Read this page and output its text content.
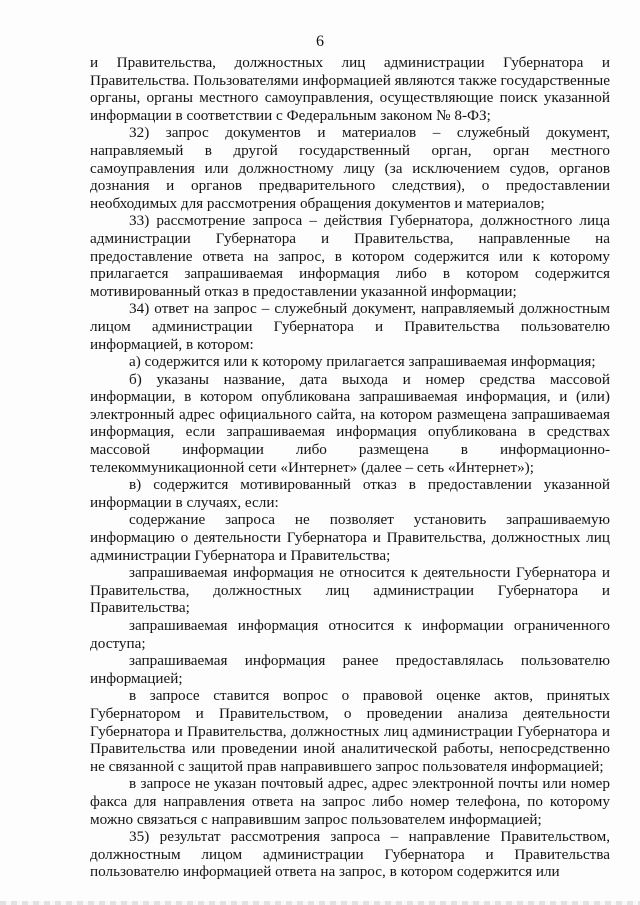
6

и Правительства, должностных лиц администрации Губернатора и Правительства. Пользователями информацией являются также государственные органы, органы местного самоуправления, осуществляющие поиск указанной информации в соответствии с Федеральным законом № 8-ФЗ;

32) запрос документов и материалов – служебный документ, направляемый в другой государственный орган, орган местного самоуправления или должностному лицу (за исключением судов, органов дознания и органов предварительного следствия), о предоставлении необходимых для рассмотрения обращения документов и материалов;

33) рассмотрение запроса – действия Губернатора, должностного лица администрации Губернатора и Правительства, направленные на предоставление ответа на запрос, в котором содержится или к которому прилагается запрашиваемая информация либо в котором содержится мотивированный отказ в предоставлении указанной информации;

34) ответ на запрос – служебный документ, направляемый должностным лицом администрации Губернатора и Правительства пользователю информацией, в котором:

а) содержится или к которому прилагается запрашиваемая информация;

б) указаны название, дата выхода и номер средства массовой информации, в котором опубликована запрашиваемая информация, и (или) электронный адрес официального сайта, на котором размещена запрашиваемая информация, если запрашиваемая информация опубликована в средствах массовой информации либо размещена в информационно-телекоммуникационной сети «Интернет» (далее – сеть «Интернет»);

в) содержится мотивированный отказ в предоставлении указанной информации в случаях, если:

содержание запроса не позволяет установить запрашиваемую информацию о деятельности Губернатора и Правительства, должностных лиц администрации Губернатора и Правительства;

запрашиваемая информация не относится к деятельности Губернатора и Правительства, должностных лиц администрации Губернатора и Правительства;

запрашиваемая информация относится к информации ограниченного доступа;

запрашиваемая информация ранее предоставлялась пользователю информацией;

в запросе ставится вопрос о правовой оценке актов, принятых Губернатором и Правительством, о проведении анализа деятельности Губернатора и Правительства, должностных лиц администрации Губернатора и Правительства или проведении иной аналитической работы, непосредственно не связанной с защитой прав направившего запрос пользователя информацией;

в запросе не указан почтовый адрес, адрес электронной почты или номер факса для направления ответа на запрос либо номер телефона, по которому можно связаться с направившим запрос пользователем информацией;

35) результат рассмотрения запроса – направление Правительством, должностным лицом администрации Губернатора и Правительства пользователю информацией ответа на запрос, в котором содержится или
